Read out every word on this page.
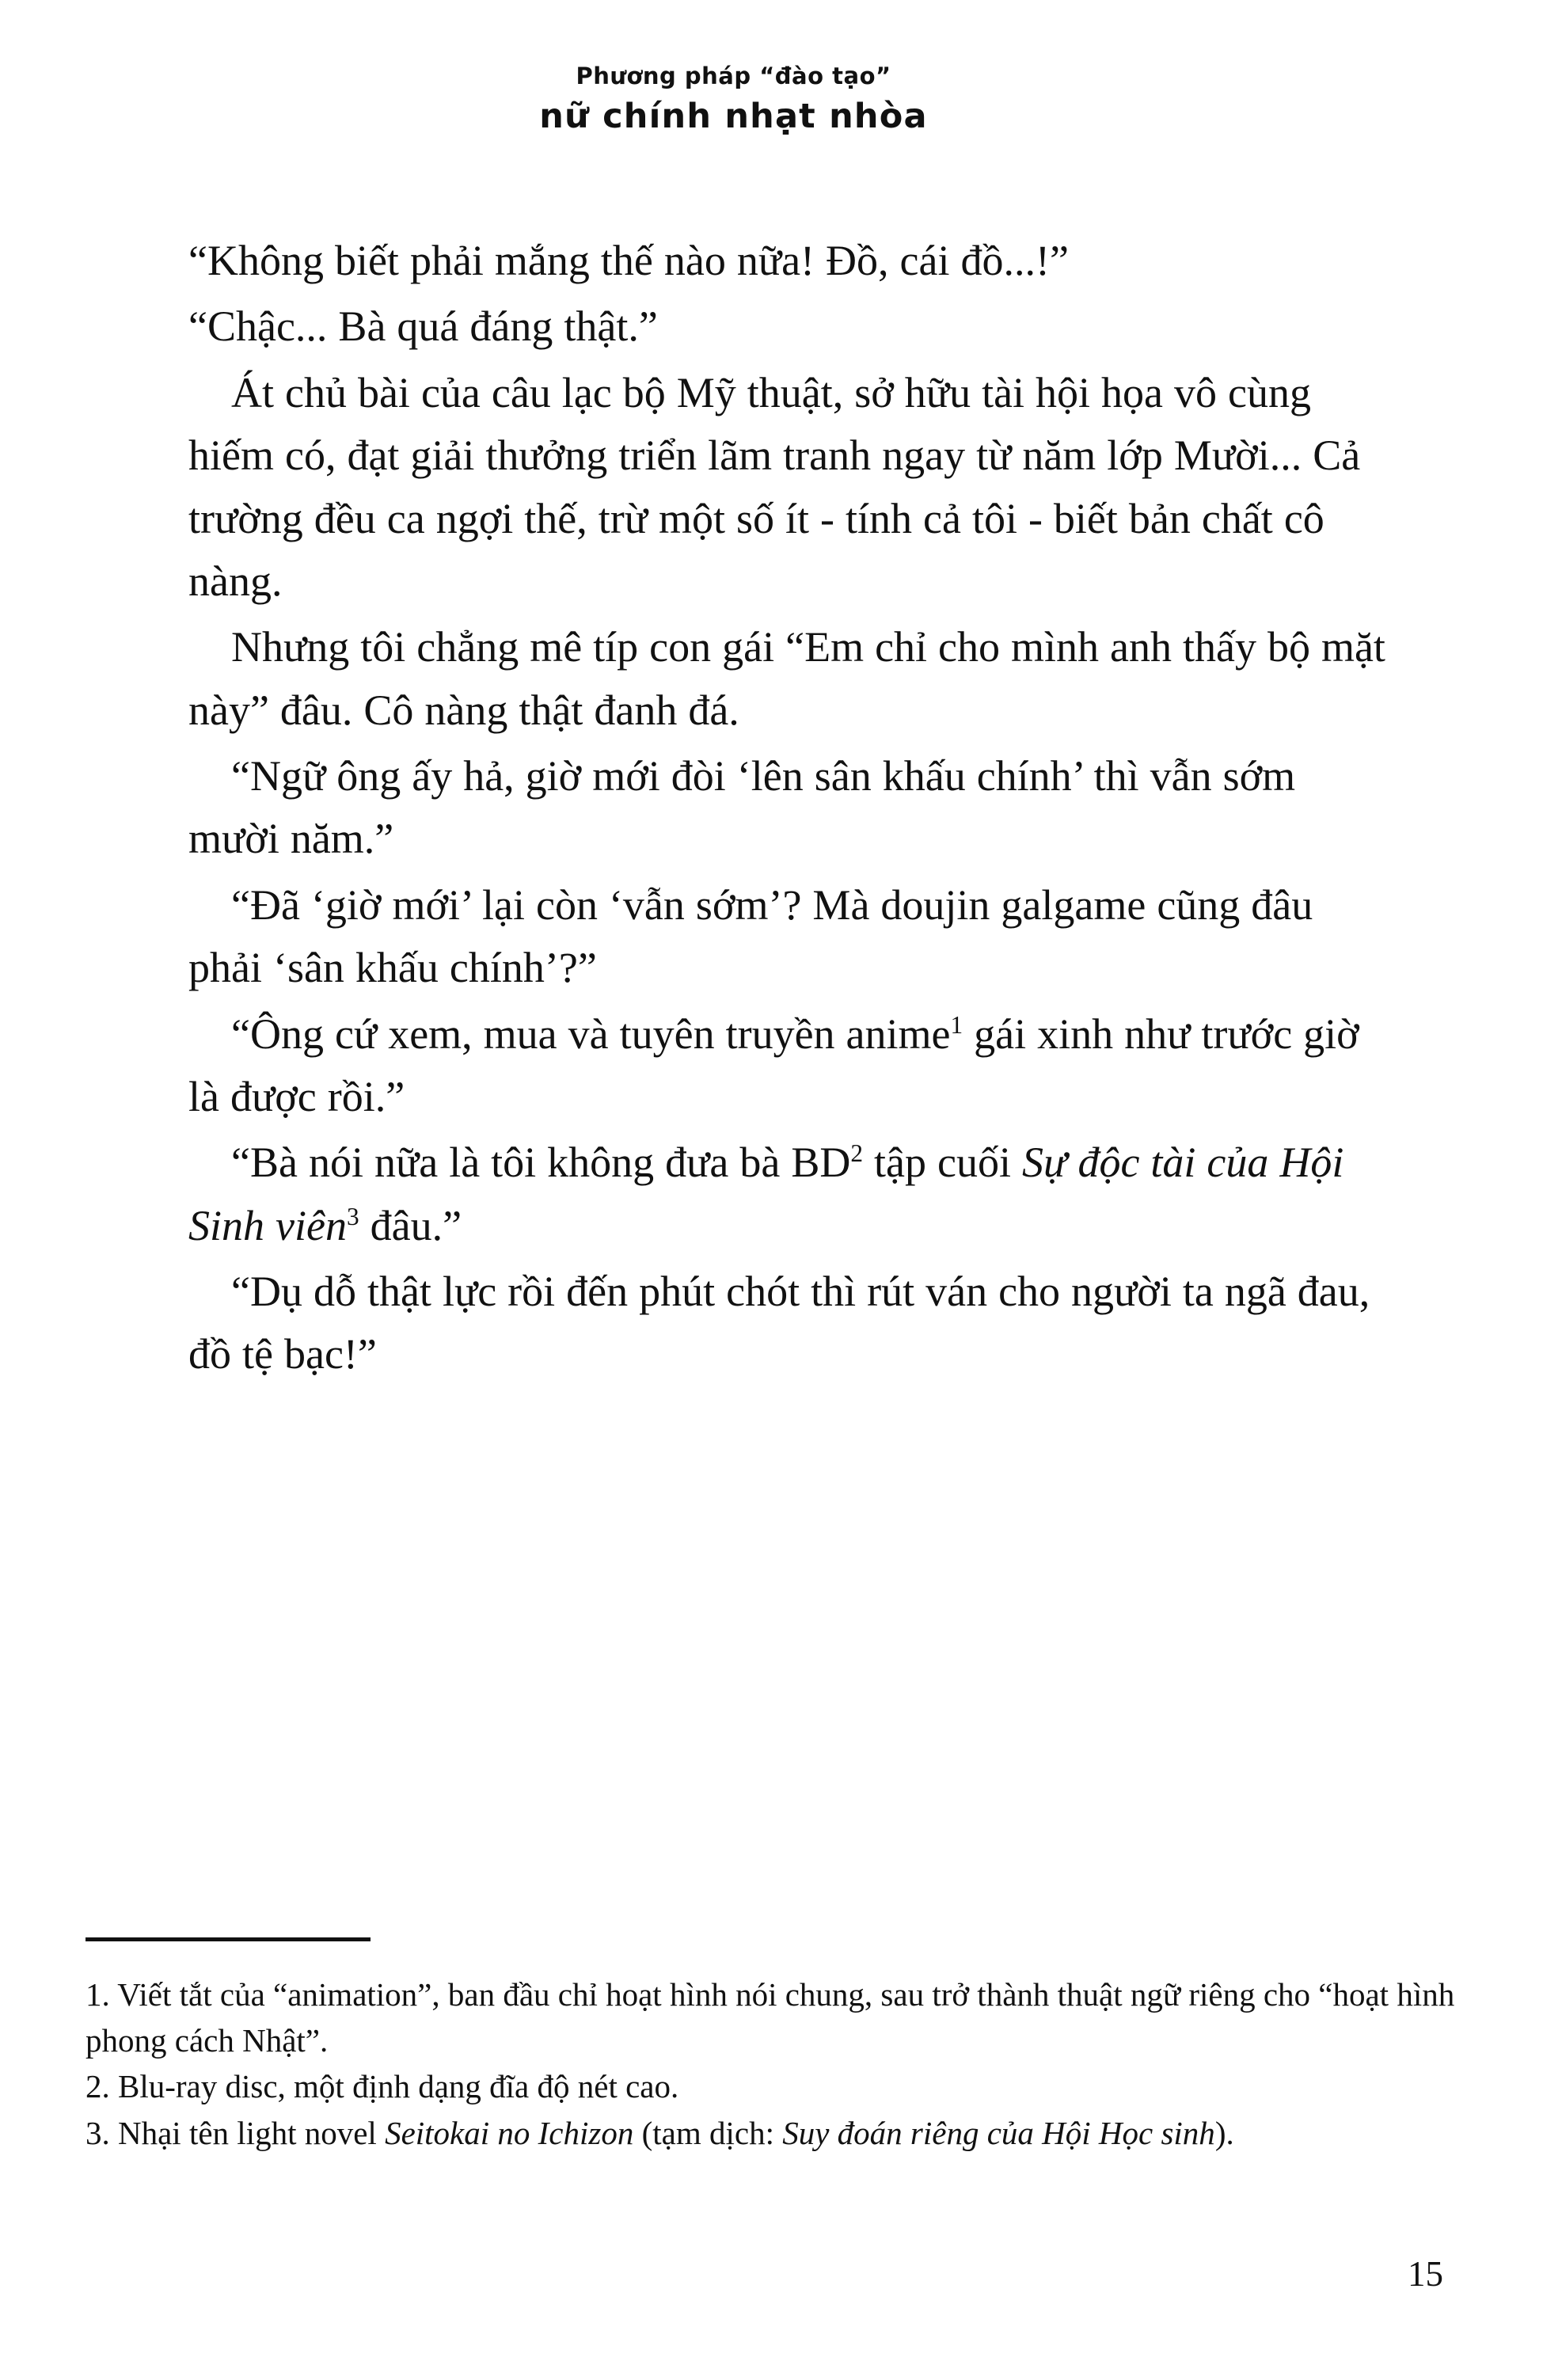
Phương pháp “đào tạo”
nữ chính nhạt nhòa

“Không biết phải mắng thế nào nữa! Đồ, cái đồ...!”

“Chậc... Bà quá đáng thật.”

Át chủ bài của câu lạc bộ Mỹ thuật, sở hữu tài hội họa vô cùng hiếm có, đạt giải thưởng triển lãm tranh ngay từ năm lớp Mười... Cả trường đều ca ngợi thế, trừ một số ít - tính cả tôi - biết bản chất cô nàng.

Nhưng tôi chẳng mê típ con gái “Em chỉ cho mình anh thấy bộ mặt này” đâu. Cô nàng thật đanh đá.

“Ngữ ông ấy hả, giờ mới đòi ‘lên sân khấu chính’ thì vẫn sớm mười năm.”

“Đã ‘giờ mới’ lại còn ‘vẫn sớm’? Mà doujin galgame cũng đâu phải ‘sân khấu chính’?”

“Ông cứ xem, mua và tuyên truyền anime$^1$ gái xinh như trước giờ là được rồi.”

“Bà nói nữa là tôi không đưa bà $BD^2$ tập cuối Sự độc tài của Hội Sinh viên$^3$ đâu.”

“Dụ dỗ thật lực rồi đến phút chót thì rút ván cho người ta ngã đau, đồ tệ bạc!”

1. Viết tắt của “animation”, ban đầu chỉ hoạt hình nói chung, sau trở thành thuật ngữ riêng cho “hoạt hình phong cách Nhật”.

2. Blu-ray disc, một định dạng đĩa độ nét cao.

3. Nhại tên light novel Seitokai no Ichizon (tạm dịch: Suy đoán riêng của Hội Học sinh).

15
